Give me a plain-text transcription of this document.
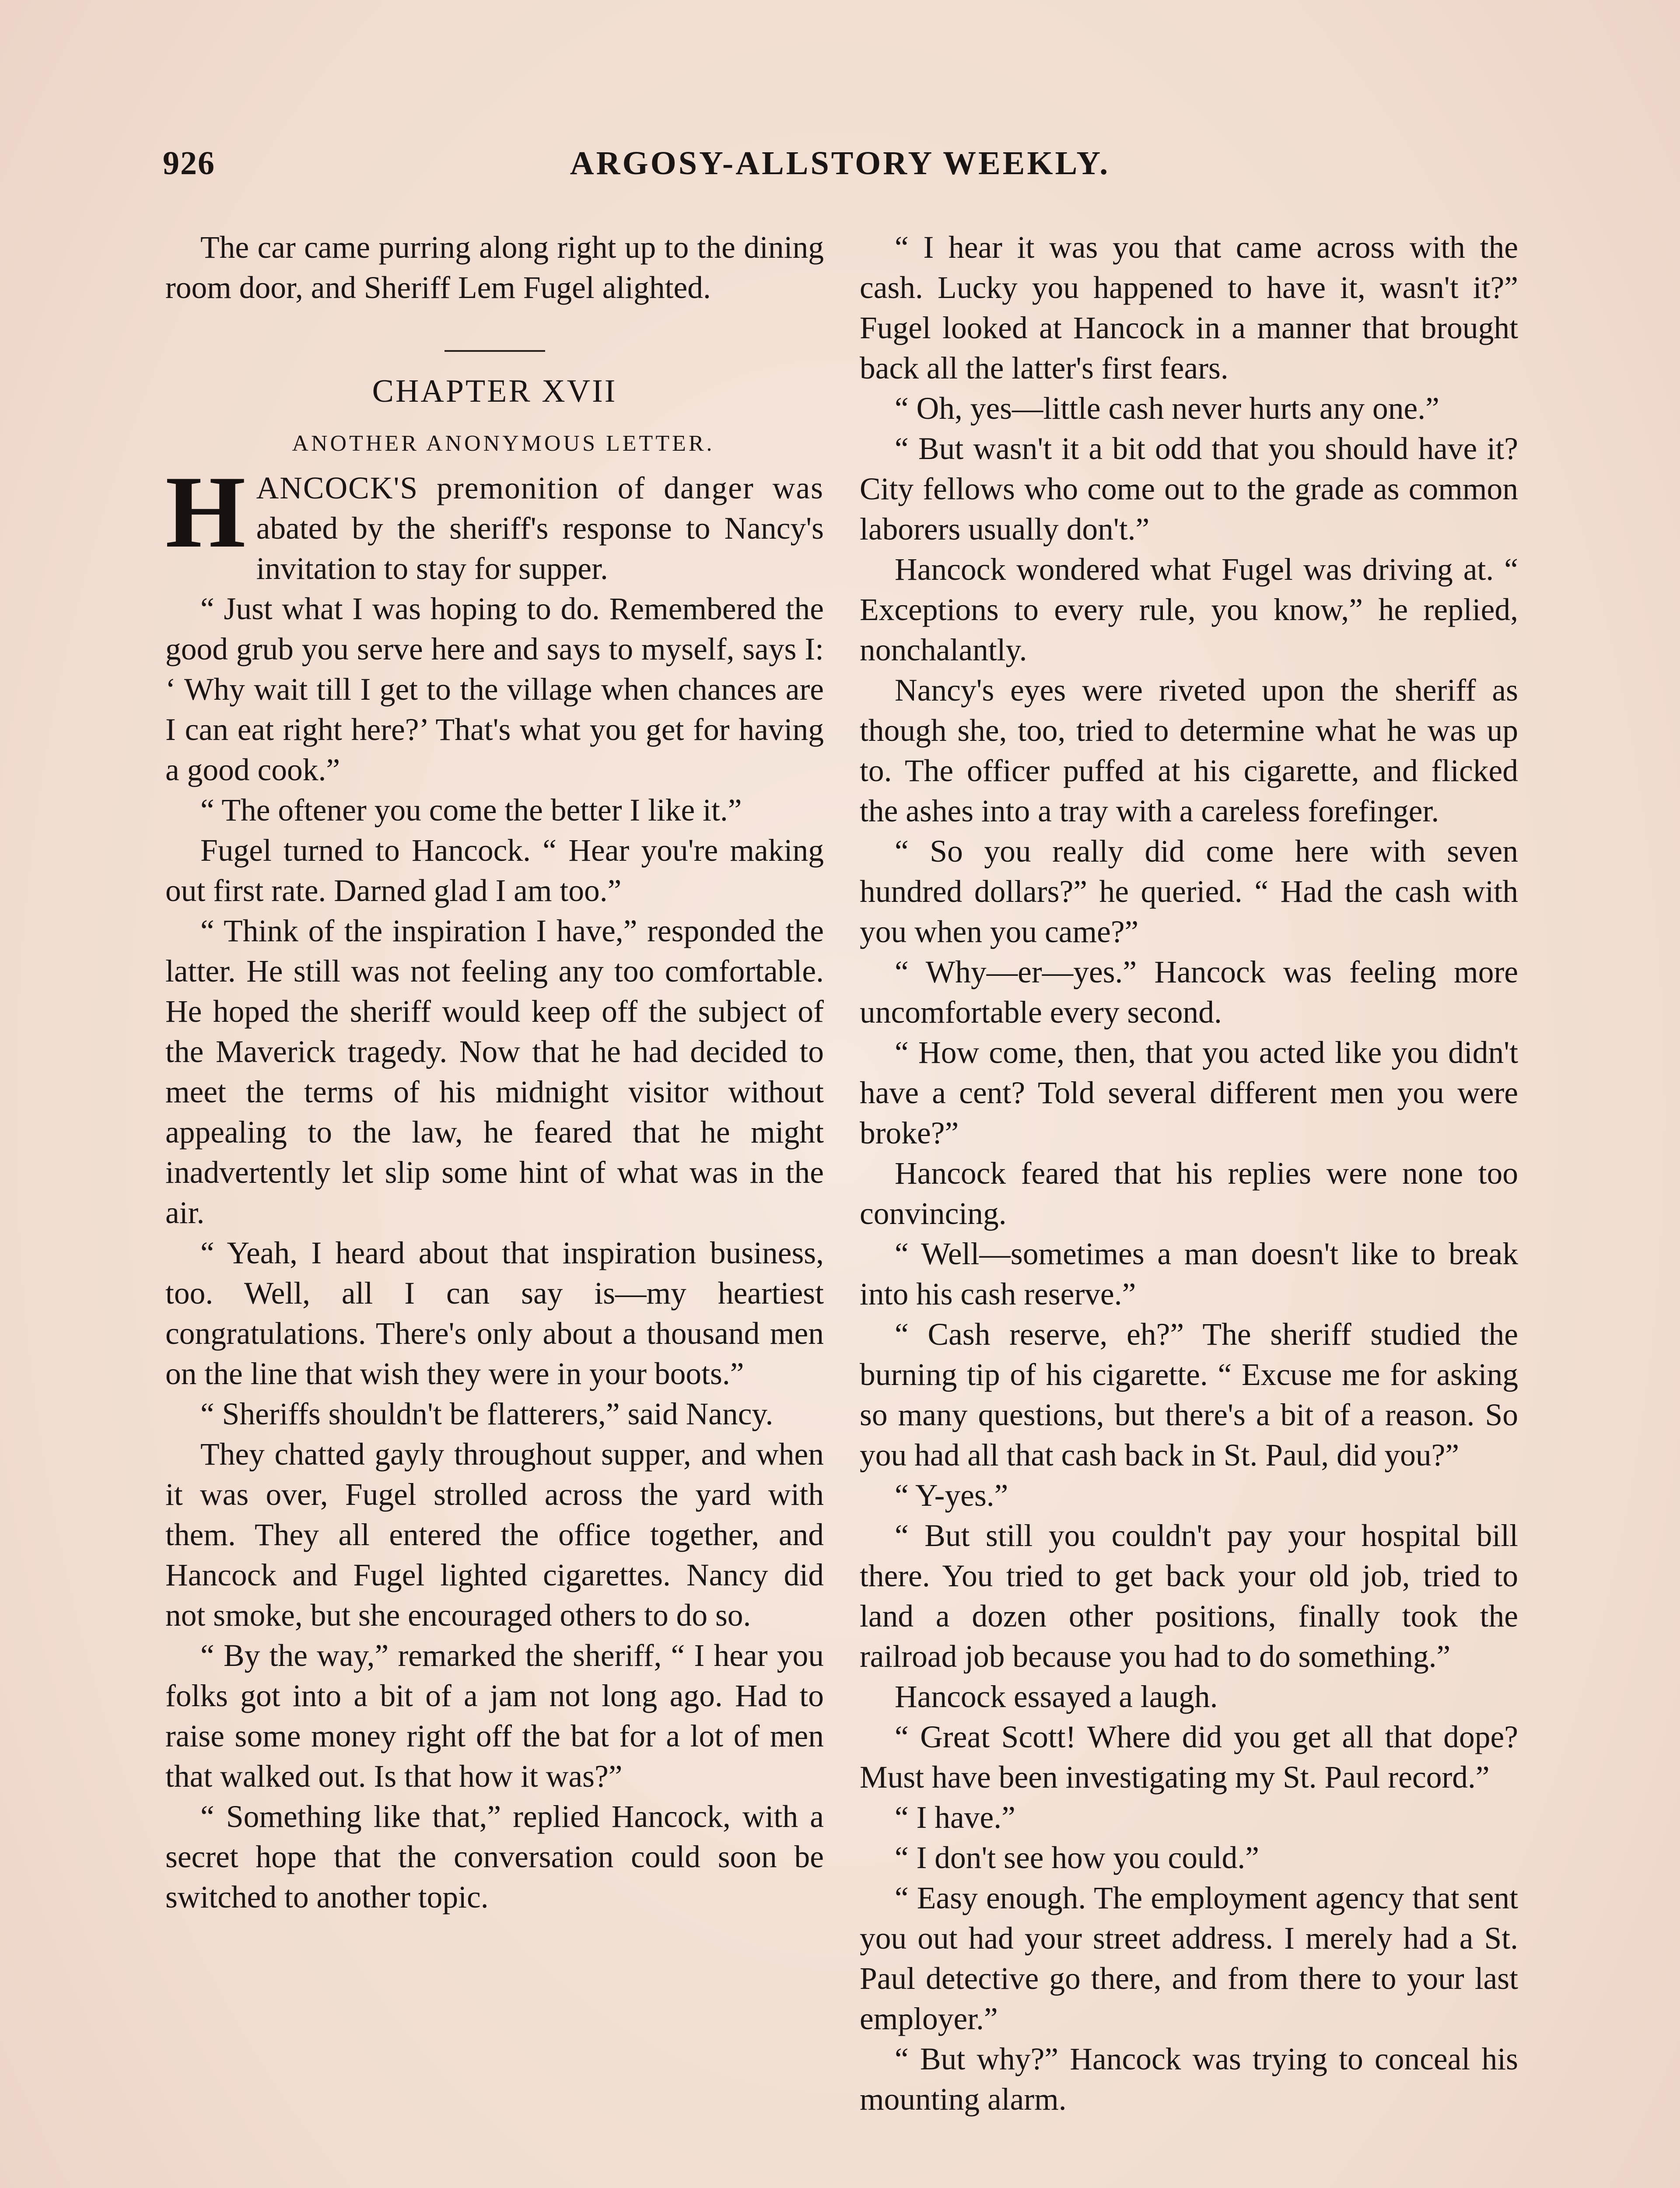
926	ARGOSY-ALLSTORY WEEKLY.

The car came purring along right up to the dining room door, and Sheriff Lem Fugel alighted.

CHAPTER XVII
ANOTHER ANONYMOUS LETTER.

HANCOCK'S premonition of danger was abated by the sheriff's response to Nancy's invitation to stay for supper.

“ Just what I was hoping to do. Remembered the good grub you serve here and says to myself, says I: ‘ Why wait till I get to the village when chances are I can eat right here?’ That's what you get for having a good cook.”

“ The oftener you come the better I like it.”

Fugel turned to Hancock. “ Hear you're making out first rate. Darned glad I am too.”

“ Think of the inspiration I have,” responded the latter. He still was not feeling any too comfortable. He hoped the sheriff would keep off the subject of the Maverick tragedy. Now that he had decided to meet the terms of his midnight visitor without appealing to the law, he feared that he might inadvertently let slip some hint of what was in the air.

“ Yeah, I heard about that inspiration business, too. Well, all I can say is—my heartiest congratulations. There's only about a thousand men on the line that wish they were in your boots.”

“ Sheriffs shouldn't be flatterers,” said Nancy.

They chatted gayly throughout supper, and when it was over, Fugel strolled across the yard with them. They all entered the office together, and Hancock and Fugel lighted cigarettes. Nancy did not smoke, but she encouraged others to do so.

“ By the way,” remarked the sheriff, “ I hear you folks got into a bit of a jam not long ago. Had to raise some money right off the bat for a lot of men that walked out. Is that how it was?”

“ Something like that,” replied Hancock, with a secret hope that the conversation could soon be switched to another topic.

“ I hear it was you that came across with the cash. Lucky you happened to have it, wasn't it?” Fugel looked at Hancock in a manner that brought back all the latter's first fears.

“ Oh, yes—little cash never hurts any one.”

“ But wasn't it a bit odd that you should have it? City fellows who come out to the grade as common laborers usually don't.”

Hancock wondered what Fugel was driving at. “ Exceptions to every rule, you know,” he replied, nonchalantly.

Nancy's eyes were riveted upon the sheriff as though she, too, tried to determine what he was up to. The officer puffed at his cigarette, and flicked the ashes into a tray with a careless forefinger.

“ So you really did come here with seven hundred dollars?” he queried. “ Had the cash with you when you came?”

“ Why—er—yes.” Hancock was feeling more uncomfortable every second.

“ How come, then, that you acted like you didn't have a cent? Told several different men you were broke?”

Hancock feared that his replies were none too convincing.

“ Well—sometimes a man doesn't like to break into his cash reserve.”

“ Cash reserve, eh?” The sheriff studied the burning tip of his cigarette. “ Excuse me for asking so many questions, but there's a bit of a reason. So you had all that cash back in St. Paul, did you?”

“ Y-yes.”

“ But still you couldn't pay your hospital bill there. You tried to get back your old job, tried to land a dozen other positions, finally took the railroad job because you had to do something.”

Hancock essayed a laugh.

“ Great Scott! Where did you get all that dope? Must have been investigating my St. Paul record.”

“ I have.”

“ I don't see how you could.”

“ Easy enough. The employment agency that sent you out had your street address. I merely had a St. Paul detective go there, and from there to your last employer.”

“ But why?” Hancock was trying to conceal his mounting alarm.
